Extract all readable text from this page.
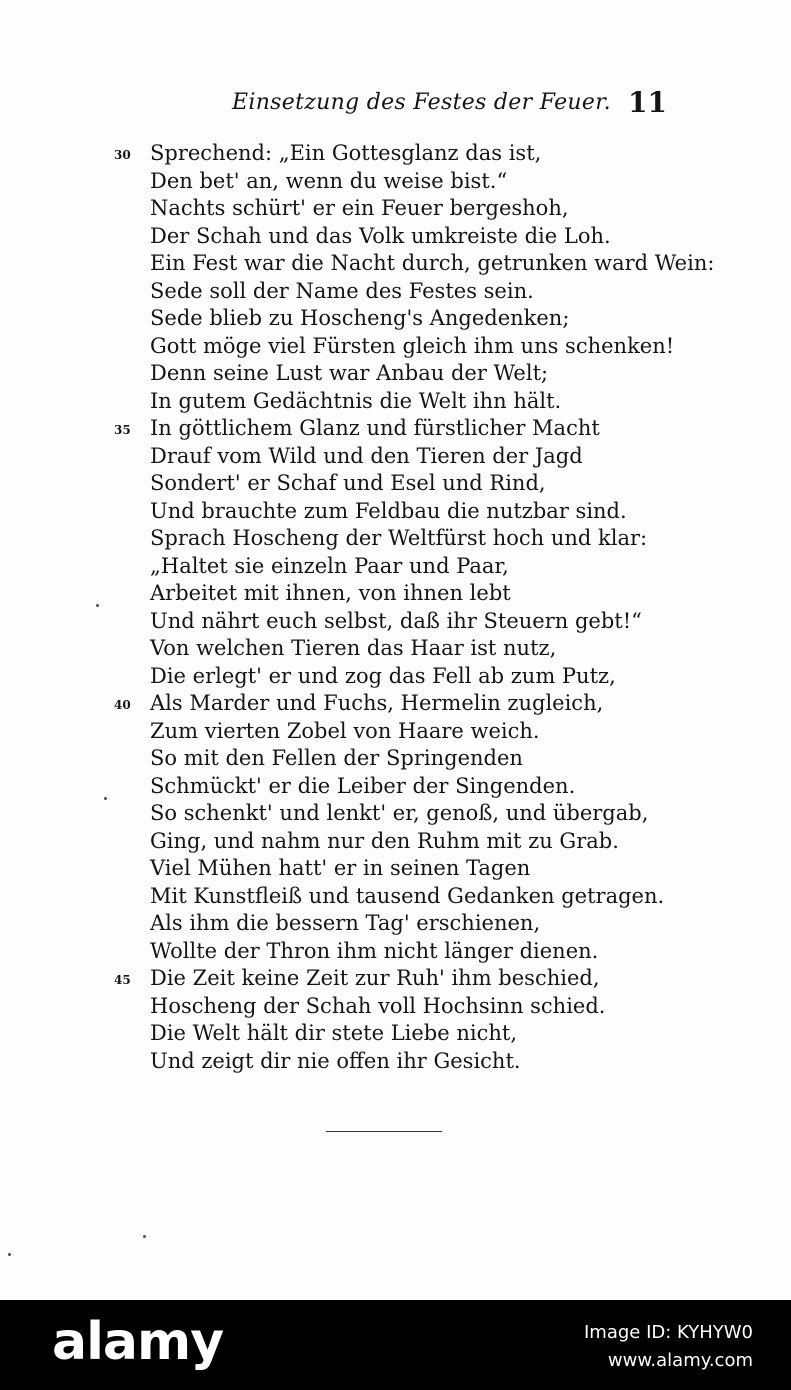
Einsetzung des Festes der Feuer. 11
30 Sprechend: „Ein Gottesglanz das ist,
Den bet' an, wenn du weise bist.“
Nachts schürt' er ein Feuer bergeshoh,
Der Schah und das Volk umkreiste die Loh.
Ein Fest war die Nacht durch, getrunken ward Wein:
Sede soll der Name des Festes sein.
Sede blieb zu Hoscheng's Angedenken;
Gott möge viel Fürsten gleich ihm uns schenken!
Denn seine Lust war Anbau der Welt;
In gutem Gedächtnis die Welt ihn hält.
35 In göttlichem Glanz und fürstlicher Macht
Drauf vom Wild und den Tieren der Jagd
Sondert' er Schaf und Esel und Rind,
Und brauchte zum Feldbau die nutzbar sind.
Sprach Hoscheng der Weltfürst hoch und klar:
„Haltet sie einzeln Paar und Paar,
Arbeitet mit ihnen, von ihnen lebt
Und nährt euch selbst, daß ihr Steuern gebt!“
Von welchen Tieren das Haar ist nutz,
Die erlegt' er und zog das Fell ab zum Putz,
40 Als Marder und Fuchs, Hermelin zugleich,
Zum vierten Zobel von Haare weich.
So mit den Fellen der Springenden
Schmückt' er die Leiber der Singenden.
So schenkt' und lenkt' er, genoß, und übergab,
Ging, und nahm nur den Ruhm mit zu Grab.
Viel Mühen hatt' er in seinen Tagen
Mit Kunstfleiß und tausend Gedanken getragen.
Als ihm die bessern Tag' erschienen,
Wollte der Thron ihm nicht länger dienen.
45 Die Zeit keine Zeit zur Ruh' ihm beschied,
Hoscheng der Schah voll Hochsinn schied.
Die Welt hält dir stete Liebe nicht,
Und zeigt dir nie offen ihr Gesicht.
alamy	Image ID: KYHYW0
www.alamy.com
